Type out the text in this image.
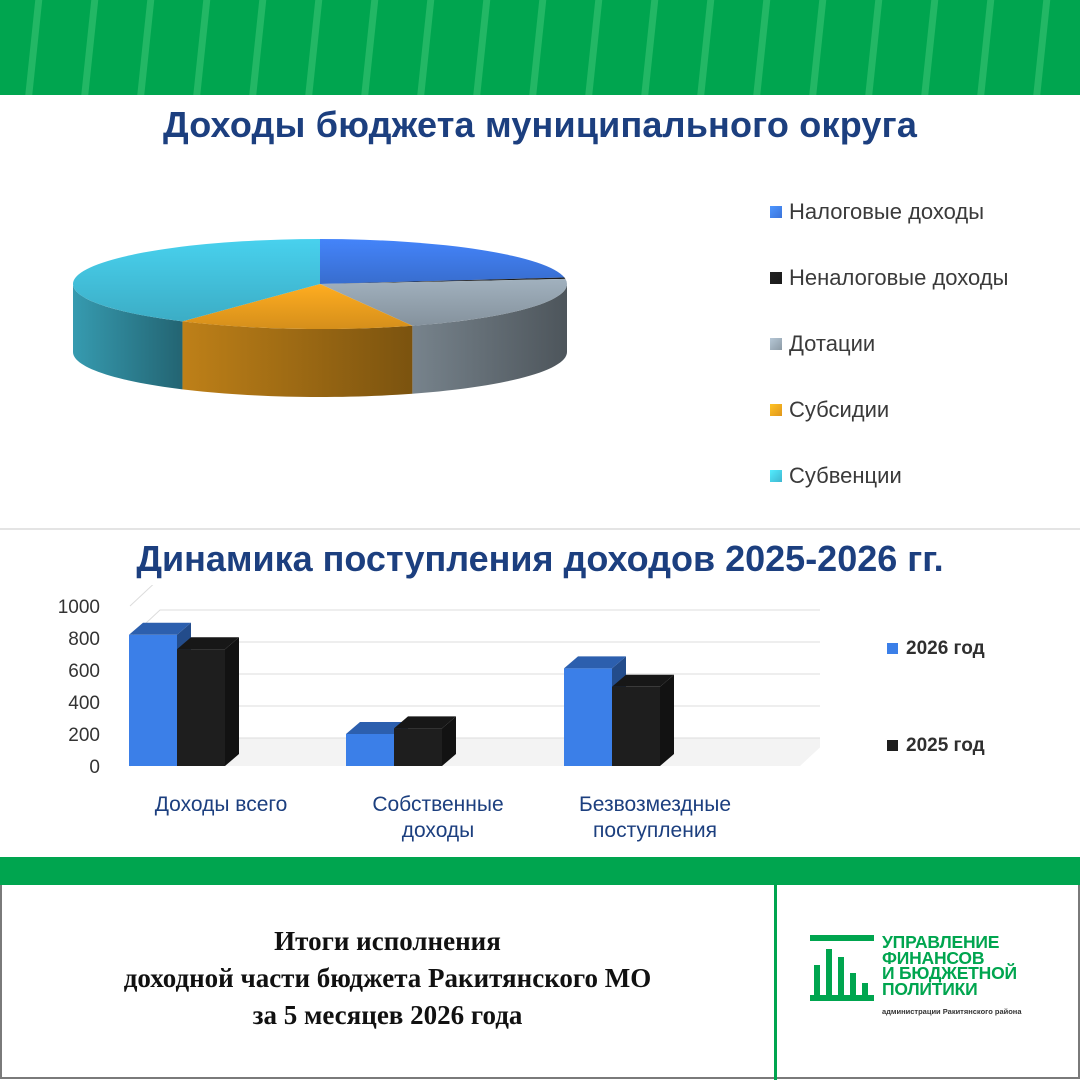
Доходы бюджета муниципального округа
Налоговые доходы
Неналоговые доходы
Дотации
Субсидии
Субвенции
Динамика поступления доходов 2025-2026 гг.
0
200
400
600
800
1000
2026 год
2025 год
Доходы всего	Собственные
доходы
Безвозмездные
поступления
Итоги исполнения
доходной части бюджета Ракитянского МО
за 5 месяцев 2026 года
УПРАВЛЕНИЕ
ФИНАНСОВ
И БЮДЖЕТНОЙ
ПОЛИТИКИ
администрации Ракитянского района
